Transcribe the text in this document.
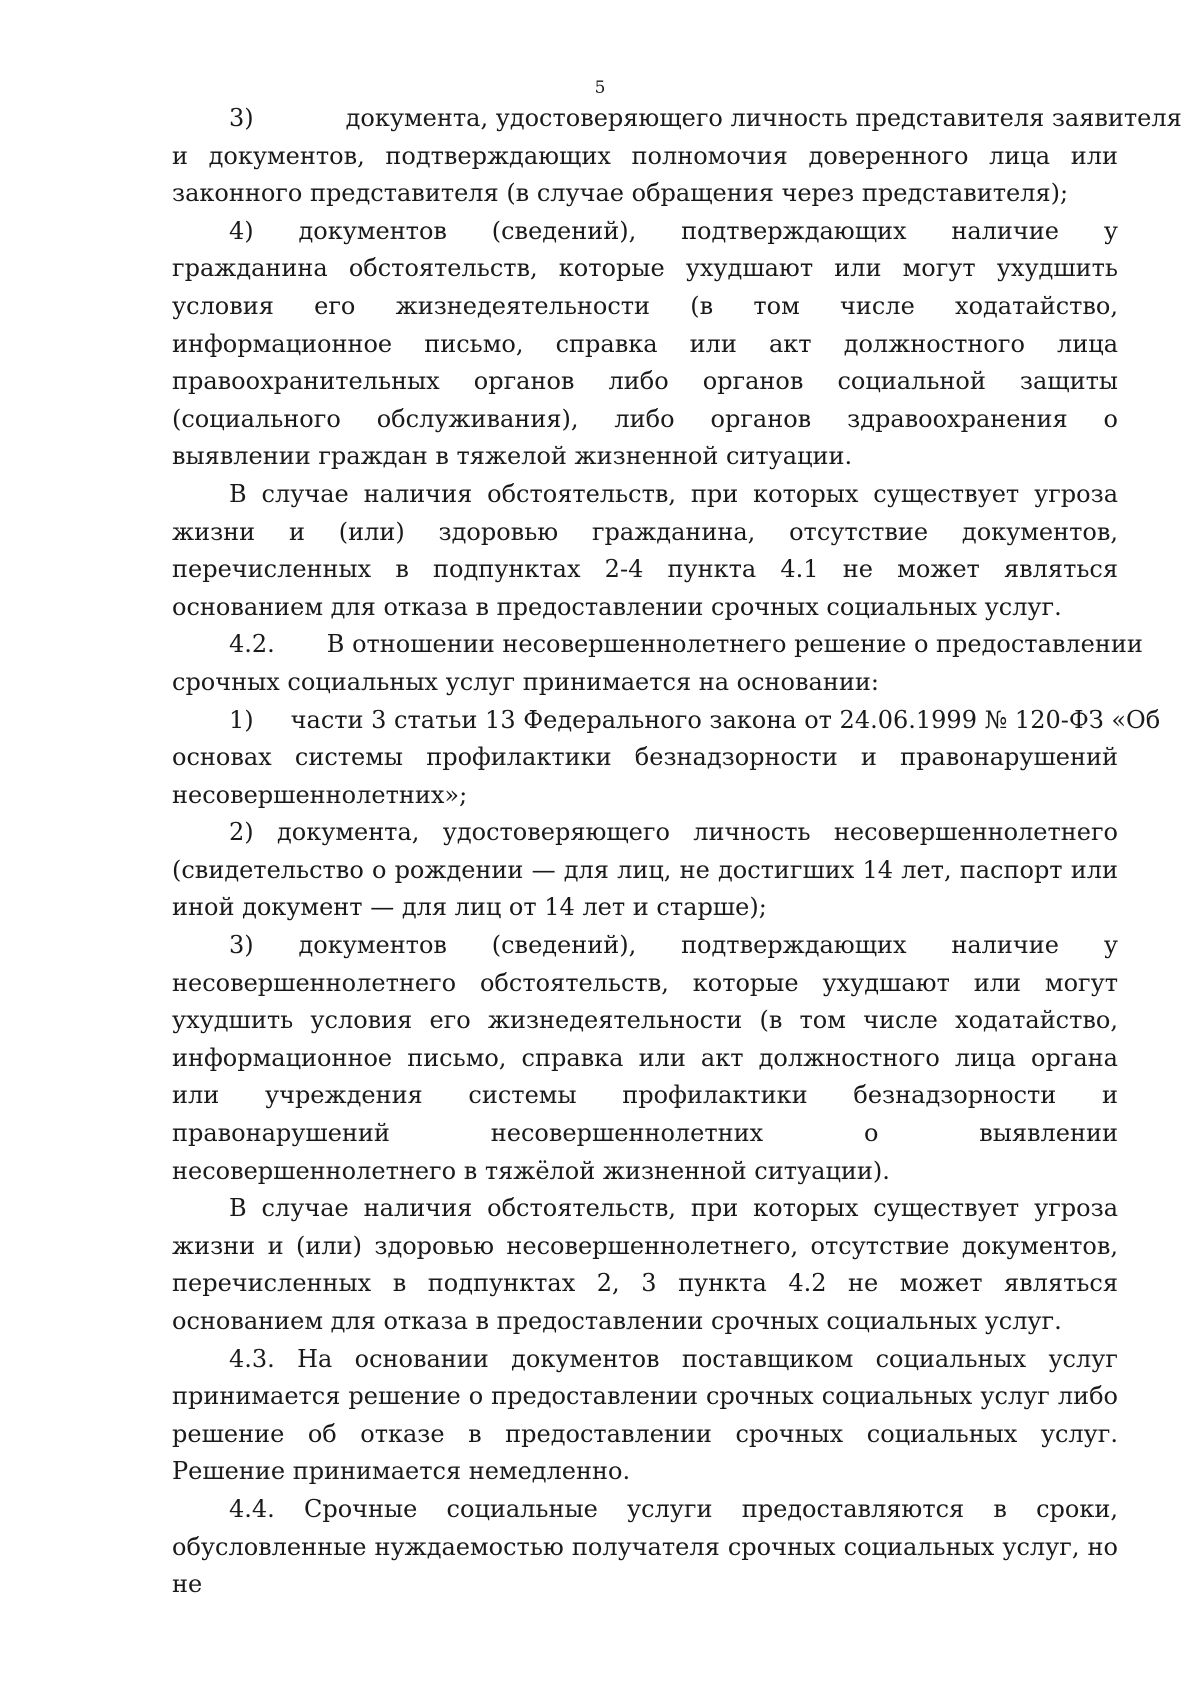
5
3)	документа, удостоверяющего личность представителя заявителя

и документов, подтверждающих полномочия доверенного лица или законного представителя (в случае обращения через представителя);

4) документов (сведений), подтверждающих наличие у

гражданина обстоятельств, которые ухудшают или могут ухудшить условия его жизнедеятельности (в том числе ходатайство, информационное письмо, справка или акт должностного лица правоохранительных органов либо органов социальной защиты (социального обслуживания), либо органов здравоохранения о выявлении граждан в тяжелой жизненной ситуации.

В случае наличия обстоятельств, при которых существует угроза жизни и (или) здоровью гражданина, отсутствие документов, перечисленных в подпунктах 2-4 пункта 4.1 не может являться основанием для отказа в предоставлении срочных социальных услуг.

4.2. В отношении несовершеннолетнего решение о предоставлении

срочных социальных услуг принимается на основании:

1) части 3 статьи 13 Федерального закона от 24.06.1999 № 120-ФЗ «Об

основах системы профилактики безнадзорности и правонарушений несовершеннолетних»;

2) документа, удостоверяющего личность несовершеннолетнего

(свидетельство о рождении — для лиц, не достигших 14 лет, паспорт или иной документ — для лиц от 14 лет и старше);

3) документов (сведений), подтверждающих наличие у

несовершеннолетнего обстоятельств, которые ухудшают или могут ухудшить условия его жизнедеятельности (в том числе ходатайство, информационное письмо, справка или акт должностного лица органа или учреждения системы профилактики безнадзорности и правонарушений несовершеннолетних о выявлении несовершеннолетнего в тяжёлой жизненной ситуации).

В случае наличия обстоятельств, при которых существует угроза жизни и (или) здоровью несовершеннолетнего, отсутствие документов, перечисленных в подпунктах 2, 3 пункта 4.2 не может являться основанием для отказа в предоставлении срочных социальных услуг.

4.3. На основании документов поставщиком социальных услуг

принимается решение о предоставлении срочных социальных услуг либо решение об отказе в предоставлении срочных социальных услуг. Решение принимается немедленно.

4.4. Срочные социальные услуги предоставляются в сроки,

обусловленные нуждаемостью получателя срочных социальных услуг, но не
